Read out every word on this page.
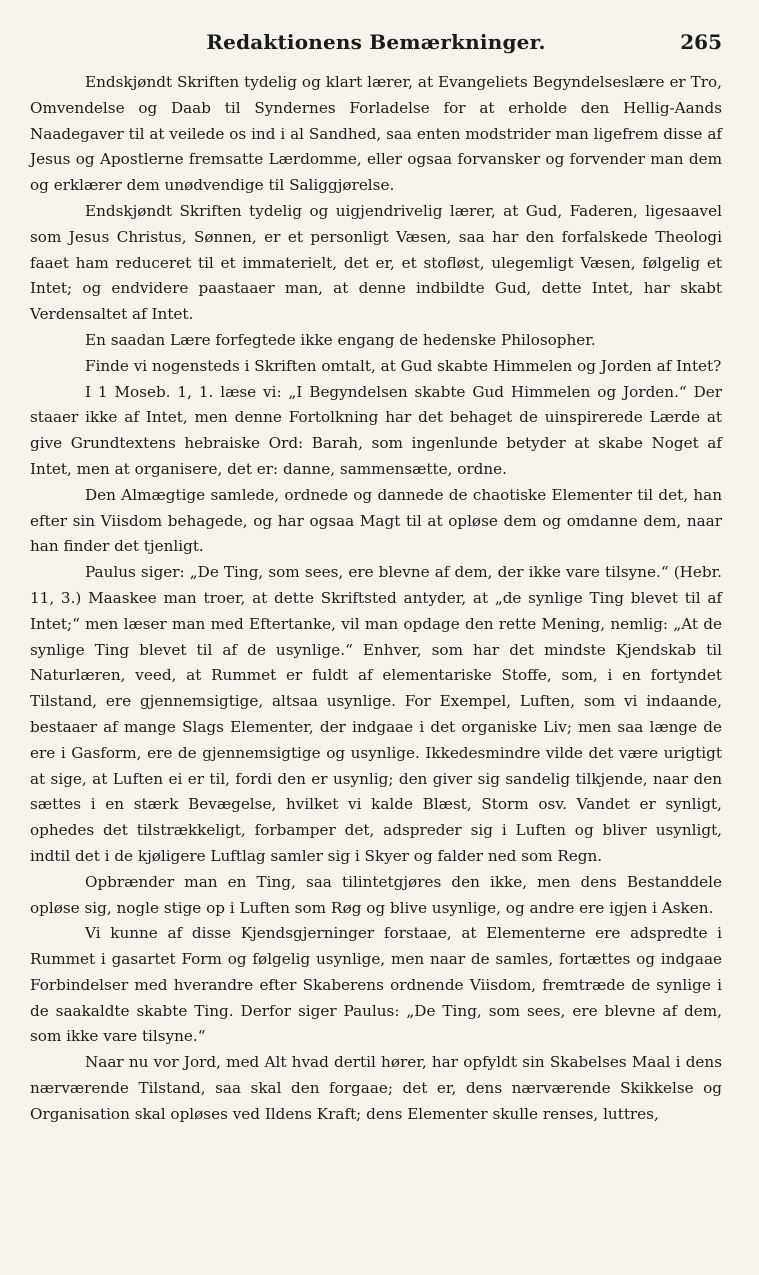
Redaktionens Bemærkninger.	265

Endskjøndt Skriften tydelig og klart lærer, at Evangeliets Begyndelseslære er Tro, Omvendelse og Daab til Syndernes Forladelse for at erholde den Hellig-Aands Naadegaver til at veilede os ind i al Sandhed, saa enten modstrider man ligefrem disse af Jesus og Apostlerne fremsatte Lærdomme, eller ogsaa forvansker og forvender man dem og erklærer dem unødvendige til Saliggjørelse.

Endskjøndt Skriften tydelig og uigjendrivelig lærer, at Gud, Faderen, ligesaavel som Jesus Christus, Sønnen, er et personligt Væsen, saa har den forfalskede Theologi faaet ham reduceret til et immaterielt, det er, et stofløst, ulegemligt Væsen, følgelig et Intet; og endvidere paastaaer man, at denne indbildte Gud, dette Intet, har skabt Verdensaltet af Intet.

En saadan Lære forfegtede ikke engang de hedenske Philosopher.

Finde vi nogensteds i Skriften omtalt, at Gud skabte Himmelen og Jorden af Intet?

I 1 Moseb. 1, 1. læse vi: „I Begyndelsen skabte Gud Himmelen og Jorden.“ Der staaer ikke af Intet, men denne Fortolkning har det behaget de uinspirerede Lærde at give Grundtextens hebraiske Ord: Barah, som ingenlunde betyder at skabe Noget af Intet, men at organisere, det er: danne, sammensætte, ordne.

Den Almægtige samlede, ordnede og dannede de chaotiske Elementer til det, han efter sin Viisdom behagede, og har ogsaa Magt til at opløse dem og omdanne dem, naar han finder det tjenligt.

Paulus siger: „De Ting, som sees, ere blevne af dem, der ikke vare tilsyne.“ (Hebr. 11, 3.) Maaskee man troer, at dette Skriftsted antyder, at „de synlige Ting blevet til af Intet;“ men læser man med Eftertanke, vil man opdage den rette Mening, nemlig: „At de synlige Ting blevet til af de usynlige.“ Enhver, som har det mindste Kjendskab til Naturlæren, veed, at Rummet er fuldt af elementariske Stoffe, som, i en fortyndet Tilstand, ere gjennemsigtige, altsaa usynlige. For Exempel, Luften, som vi indaande, bestaaer af mange Slags Elementer, der indgaae i det organiske Liv; men saa længe de ere i Gasform, ere de gjennemsigtige og usynlige. Ikkedesmindre vilde det være urigtigt at sige, at Luften ei er til, fordi den er usynlig; den giver sig sandelig tilkjende, naar den sættes i en stærk Bevægelse, hvilket vi kalde Blæst, Storm osv. Vandet er synligt, ophedes det tilstrækkeligt, forbamper det, adspreder sig i Luften og bliver usynligt, indtil det i de kjøligere Luftlag samler sig i Skyer og falder ned som Regn.

Opbrænder man en Ting, saa tilintetgjøres den ikke, men dens Bestanddele opløse sig, nogle stige op i Luften som Røg og blive usynlige, og andre ere igjen i Asken.

Vi kunne af disse Kjendsgjerninger forstaae, at Elementerne ere adspredte i Rummet i gasartet Form og følgelig usynlige, men naar de samles, fortættes og indgaae Forbindelser med hverandre efter Skaberens ordnende Viisdom, fremtræde de synlige i de saakaldte skabte Ting. Derfor siger Paulus: „De Ting, som sees, ere blevne af dem, som ikke vare tilsyne.“

Naar nu vor Jord, med Alt hvad dertil hører, har opfyldt sin Skabelses Maal i dens nærværende Tilstand, saa skal den forgaae; det er, dens nærværende Skikkelse og Organisation skal opløses ved Ildens Kraft; dens Elementer skulle renses, luttres,
